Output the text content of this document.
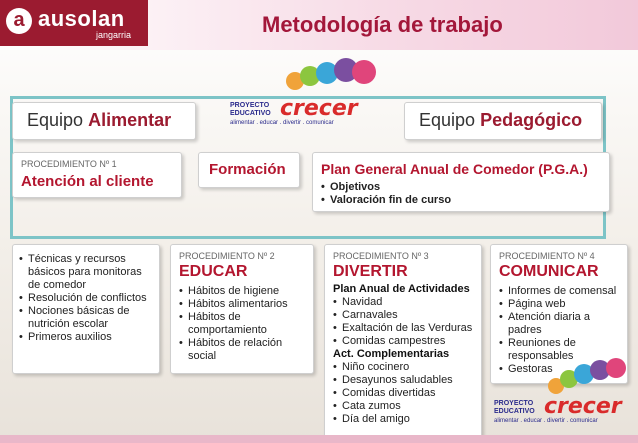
a ausolan
jangarria	Metodología de trabajo
PROYECTO
EDUCATIVO crecer
alimentar . educar . divertir . comunicar
Equipo Alimentar	Equipo Pedagógico
PROCEDIMIENTO Nº 1
Atención al cliente
Formación	Plan General Anual de Comedor (P.G.A.)
• Objetivos
• Valoración fin de curso
• Técnicas y recursos básicos para monitoras de comedor
• Resolución de conflictos
• Nociones básicas de nutrición escolar
• Primeros auxilios
PROCEDIMIENTO Nº 2
EDUCAR
• Hábitos de higiene
• Hábitos alimentarios
• Hábitos de comportamiento
• Hábitos de relación social
PROCEDIMIENTO Nº 3
DIVERTIR
Plan Anual de Actividades
• Navidad
• Carnavales
• Exaltación de las Verduras
• Comidas campestres
Act. Complementarias
• Niño cocinero
• Desayunos saludables
• Comidas divertidas
• Cata zumos
• Día del amigo
PROCEDIMIENTO Nº 4
COMUNICAR
• Informes de comensal
• Página web
• Atención diaria a padres
• Reuniones de responsables
• Gestoras
PROYECTO
EDUCATIVO crecer
alimentar . educar . divertir . comunicar
